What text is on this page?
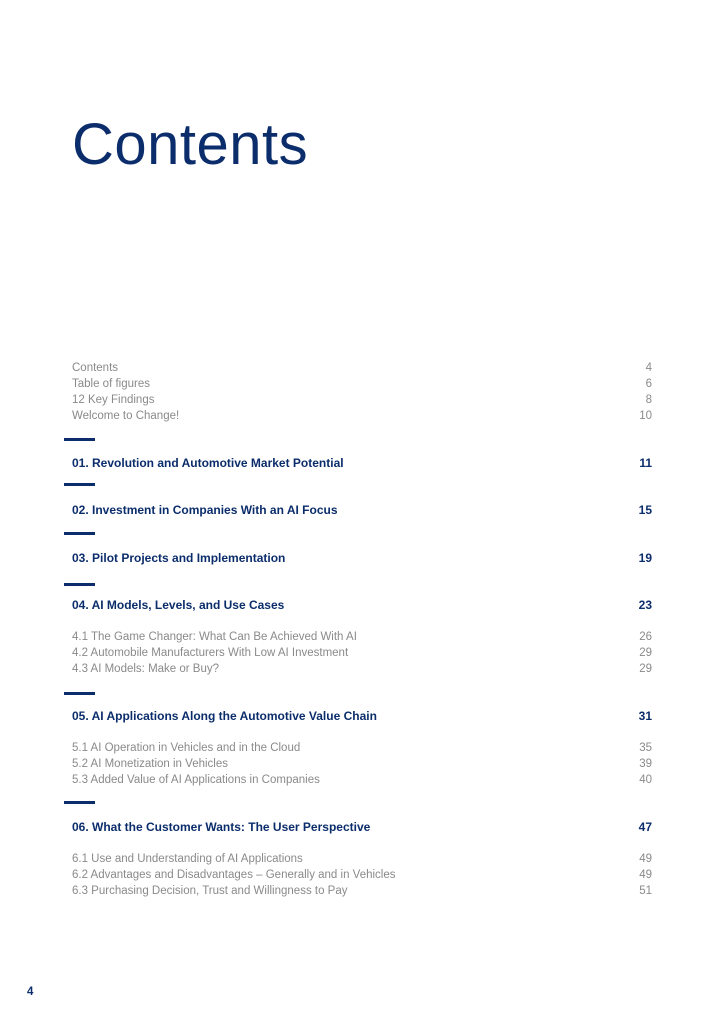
Contents
Contents	4
Table of figures	6
12 Key Findings	8
Welcome to Change!	10
01. Revolution and Automotive Market Potential	11
02. Investment in Companies With an AI Focus	15
03. Pilot Projects and Implementation	19
04. AI Models, Levels, and Use Cases	23
4.1 The Game Changer: What Can Be Achieved With AI	26
4.2 Automobile Manufacturers With Low AI Investment	29
4.3 AI Models: Make or Buy?	29
05. AI Applications Along the Automotive Value Chain	31
5.1 AI Operation in Vehicles and in the Cloud	35
5.2 AI Monetization in Vehicles	39
5.3 Added Value of AI Applications in Companies	40
06. What the Customer Wants: The User Perspective	47
6.1 Use and Understanding of AI Applications	49
6.2 Advantages and Disadvantages – Generally and in Vehicles	49
6.3 Purchasing Decision, Trust and Willingness to Pay	51
4
